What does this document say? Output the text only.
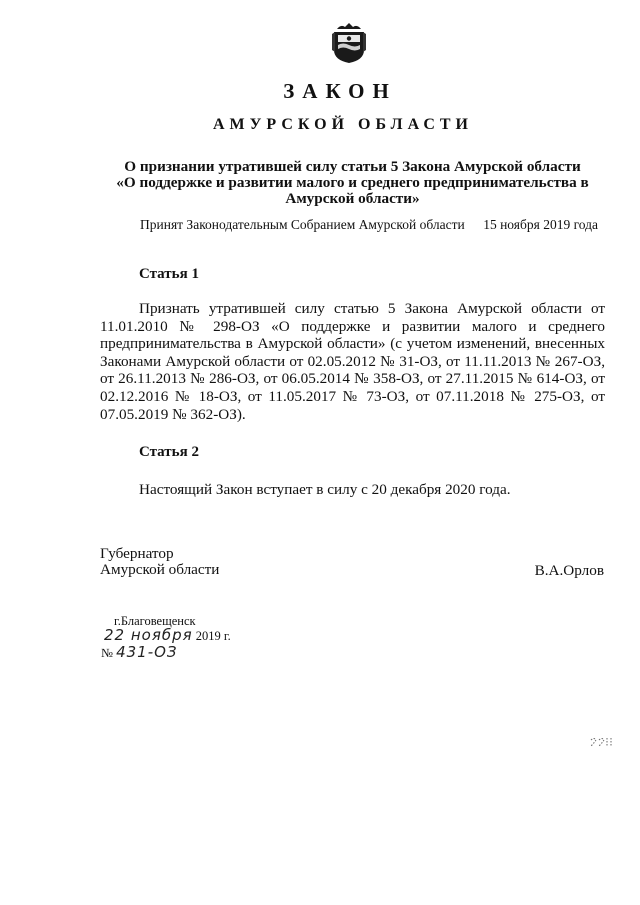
ЗАКОН
АМУРСКОЙ ОБЛАСТИ
О признании утратившей силу статьи 5 Закона Амурской области
«О поддержке и развитии малого и среднего предпринимательства в
Амурской области»
Принят Законодательным Собранием Амурской области 15 ноября 2019 года
Статья 1

Признать утратившей силу статью 5 Закона Амурской области от 11.01.2010 № 298-ОЗ «О поддержке и развитии малого и среднего предпринимательства в Амурской области» (с учетом изменений, внесенных Законами Амурской области от 02.05.2012 № 31-ОЗ, от 11.11.2013 № 267-ОЗ, от 26.11.2013 № 286-ОЗ, от 06.05.2014 № 358-ОЗ, от 27.11.2015 № 614-ОЗ, от 02.12.2016 № 18-ОЗ, от 11.05.2017 № 73-ОЗ, от 07.11.2018 № 275-ОЗ, от 07.05.2019 № 362-ОЗ).

Статья 2

Настоящий Закон вступает в силу с 20 декабря 2020 года.

Губернатор
Амурской области	В.А.Орлов
г.Благовещенск
22 ноября 2019 г.
№ 431-ОЗ
